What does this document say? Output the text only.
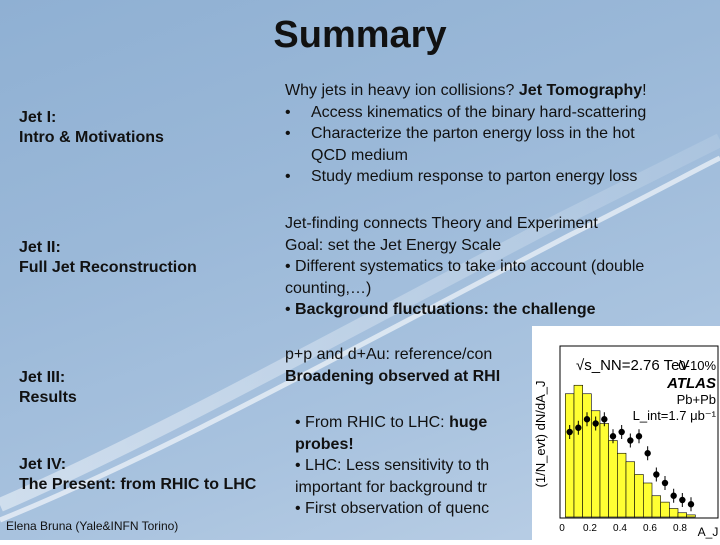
Summary
Jet I:
Intro & Motivations
Jet II:
Full Jet Reconstruction
Jet III:
Results
Jet IV:
The Present: from RHIC to LHC
Why jets in heavy ion collisions? Jet Tomography!
•	Access kinematics of the binary hard-scattering
•	Characterize the parton energy loss in the hot
QCD medium
•	Study medium response to parton energy loss
Jet-finding connects Theory and Experiment
Goal: set the Jet Energy Scale
• Different systematics to take into account (double
counting,…)
• Background fluctuations: the challenge
p+p and d+Au: reference/con
Broadening observed at RHI
• From RHIC to LHC: huge
probes!
• LHC: Less sensitivity to th
important for background tr
• First observation of quenc
Elena Bruna (Yale&INFN Torino)
(1/N_evt) dN/dA_J
A_J
√s_NN=2.76 TeV
0-10%
ATLAS
Pb+Pb
L_int=1.7 μb⁻¹
0 0.2 0.4 0.6 0.8
